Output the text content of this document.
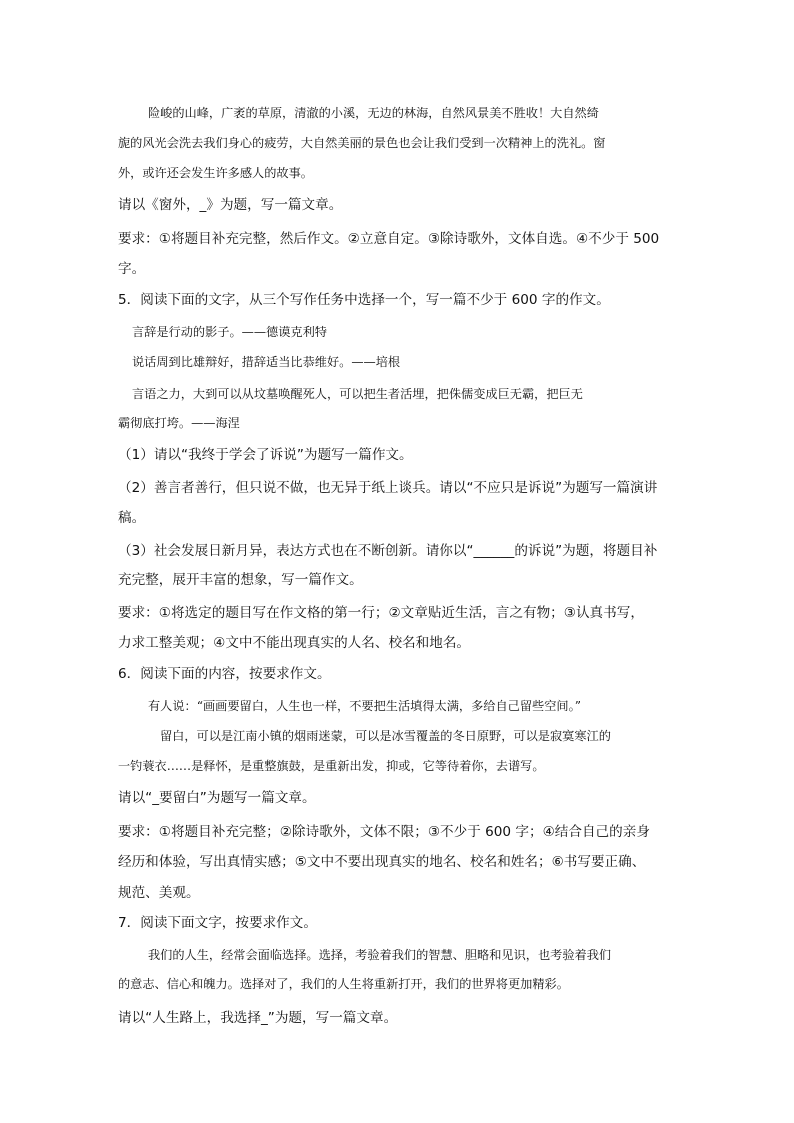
险峻的山峰，广袤的草原，清澈的小溪，无边的林海，自然风景美不胜收！大自然绮

旎的风光会洗去我们身心的疲劳，大自然美丽的景色也会让我们受到一次精神上的洗礼。窗

外，或许还会发生许多感人的故事。

请以《窗外，_》为题，写一篇文章。

要求：①将题目补充完整，然后作文。②立意自定。③除诗歌外，文体自选。④不少于 500

字。

5．阅读下面的文字，从三个写作任务中选择一个，写一篇不少于 600 字的作文。

言辞是行动的影子。——德谟克利特

说话周到比雄辩好，措辞适当比恭维好。——培根

言语之力，大到可以从坟墓唤醒死人，可以把生者活埋，把侏儒变成巨无霸，把巨无

霸彻底打垮。——海涅

（1）请以“我终于学会了诉说”为题写一篇作文。

（2）善言者善行，但只说不做，也无异于纸上谈兵。请以“不应只是诉说”为题写一篇演讲

稿。

（3）社会发展日新月异，表达方式也在不断创新。请你以“______的诉说”为题，将题目补

充完整，展开丰富的想象，写一篇作文。

要求：①将选定的题目写在作文格的第一行；②文章贴近生活，言之有物；③认真书写，

力求工整美观；④文中不能出现真实的人名、校名和地名。

6．阅读下面的内容，按要求作文。

有人说：“画画要留白，人生也一样，不要把生活填得太满，多给自己留些空间。”

留白，可以是江南小镇的烟雨迷蒙，可以是冰雪覆盖的冬日原野，可以是寂寞寒江的

一钓蓑衣……是释怀，是重整旗鼓，是重新出发，抑或，它等待着你，去谱写。

请以“_要留白”为题写一篇文章。

要求：①将题目补充完整；②除诗歌外，文体不限；③不少于 600 字；④结合自己的亲身

经历和体验，写出真情实感；⑤文中不要出现真实的地名、校名和姓名；⑥书写要正确、

规范、美观。

7．阅读下面文字，按要求作文。

我们的人生，经常会面临选择。选择，考验着我们的智慧、胆略和见识，也考验着我们

的意志、信心和魄力。选择对了，我们的人生将重新打开，我们的世界将更加精彩。

请以“人生路上，我选择_”为题，写一篇文章。
